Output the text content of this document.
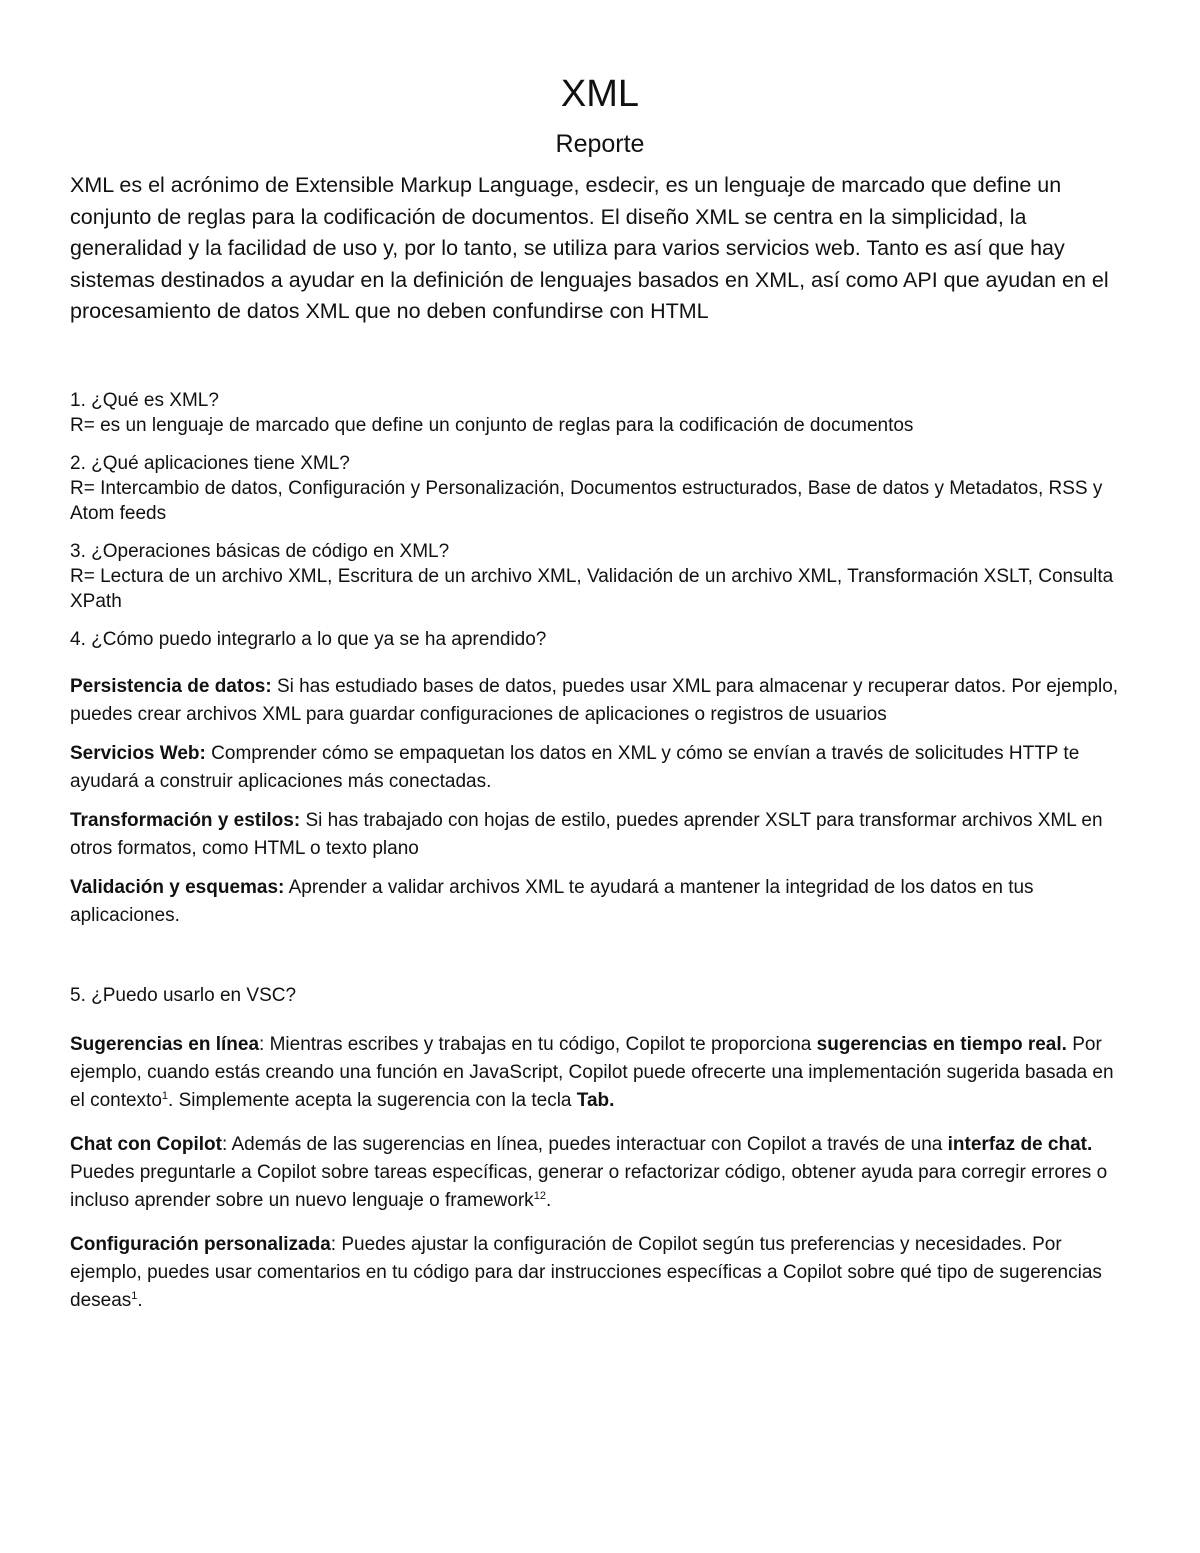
XML
Reporte

XML es el acrónimo de Extensible Markup Language, esdecir, es un lenguaje de marcado que define un conjunto de reglas para la codificación de documentos. El diseño XML se centra en la simplicidad, la generalidad y la facilidad de uso y, por lo tanto, se utiliza para varios servicios web. Tanto es así que hay sistemas destinados a ayudar en la definición de lenguajes basados en XML, así como API que ayudan en el procesamiento de datos XML que no deben confundirse con HTML

1. ¿Qué es XML?

R= es un lenguaje de marcado que define un conjunto de reglas para la codificación de documentos

2. ¿Qué aplicaciones tiene XML?

R= Intercambio de datos, Configuración y Personalización, Documentos estructurados, Base de datos y Metadatos, RSS y Atom feeds

3. ¿Operaciones básicas de código en XML?

R= Lectura de un archivo XML, Escritura de un archivo XML, Validación de un archivo XML, Transformación XSLT, Consulta XPath

4. ¿Cómo puedo integrarlo a lo que ya se ha aprendido?

Persistencia de datos: Si has estudiado bases de datos, puedes usar XML para almacenar y recuperar datos. Por ejemplo, puedes crear archivos XML para guardar configuraciones de aplicaciones o registros de usuarios

Servicios Web: Comprender cómo se empaquetan los datos en XML y cómo se envían a través de solicitudes HTTP te ayudará a construir aplicaciones más conectadas.

Transformación y estilos: Si has trabajado con hojas de estilo, puedes aprender XSLT para transformar archivos XML en otros formatos, como HTML o texto plano

Validación y esquemas: Aprender a validar archivos XML te ayudará a mantener la integridad de los datos en tus aplicaciones.

5. ¿Puedo usarlo en VSC?

Sugerencias en línea: Mientras escribes y trabajas en tu código, Copilot te proporciona sugerencias en tiempo real. Por ejemplo, cuando estás creando una función en JavaScript, Copilot puede ofrecerte una implementación sugerida basada en el contexto$^1$. Simplemente acepta la sugerencia con la tecla Tab.

Chat con Copilot: Además de las sugerencias en línea, puedes interactuar con Copilot a través de una interfaz de chat. Puedes preguntarle a Copilot sobre tareas específicas, generar o refactorizar código, obtener ayuda para corregir errores o incluso aprender sobre un nuevo lenguaje o framework$^{12}$.

Configuración personalizada: Puedes ajustar la configuración de Copilot según tus preferencias y necesidades. Por ejemplo, puedes usar comentarios en tu código para dar instrucciones específicas a Copilot sobre qué tipo de sugerencias deseas$^1$.
